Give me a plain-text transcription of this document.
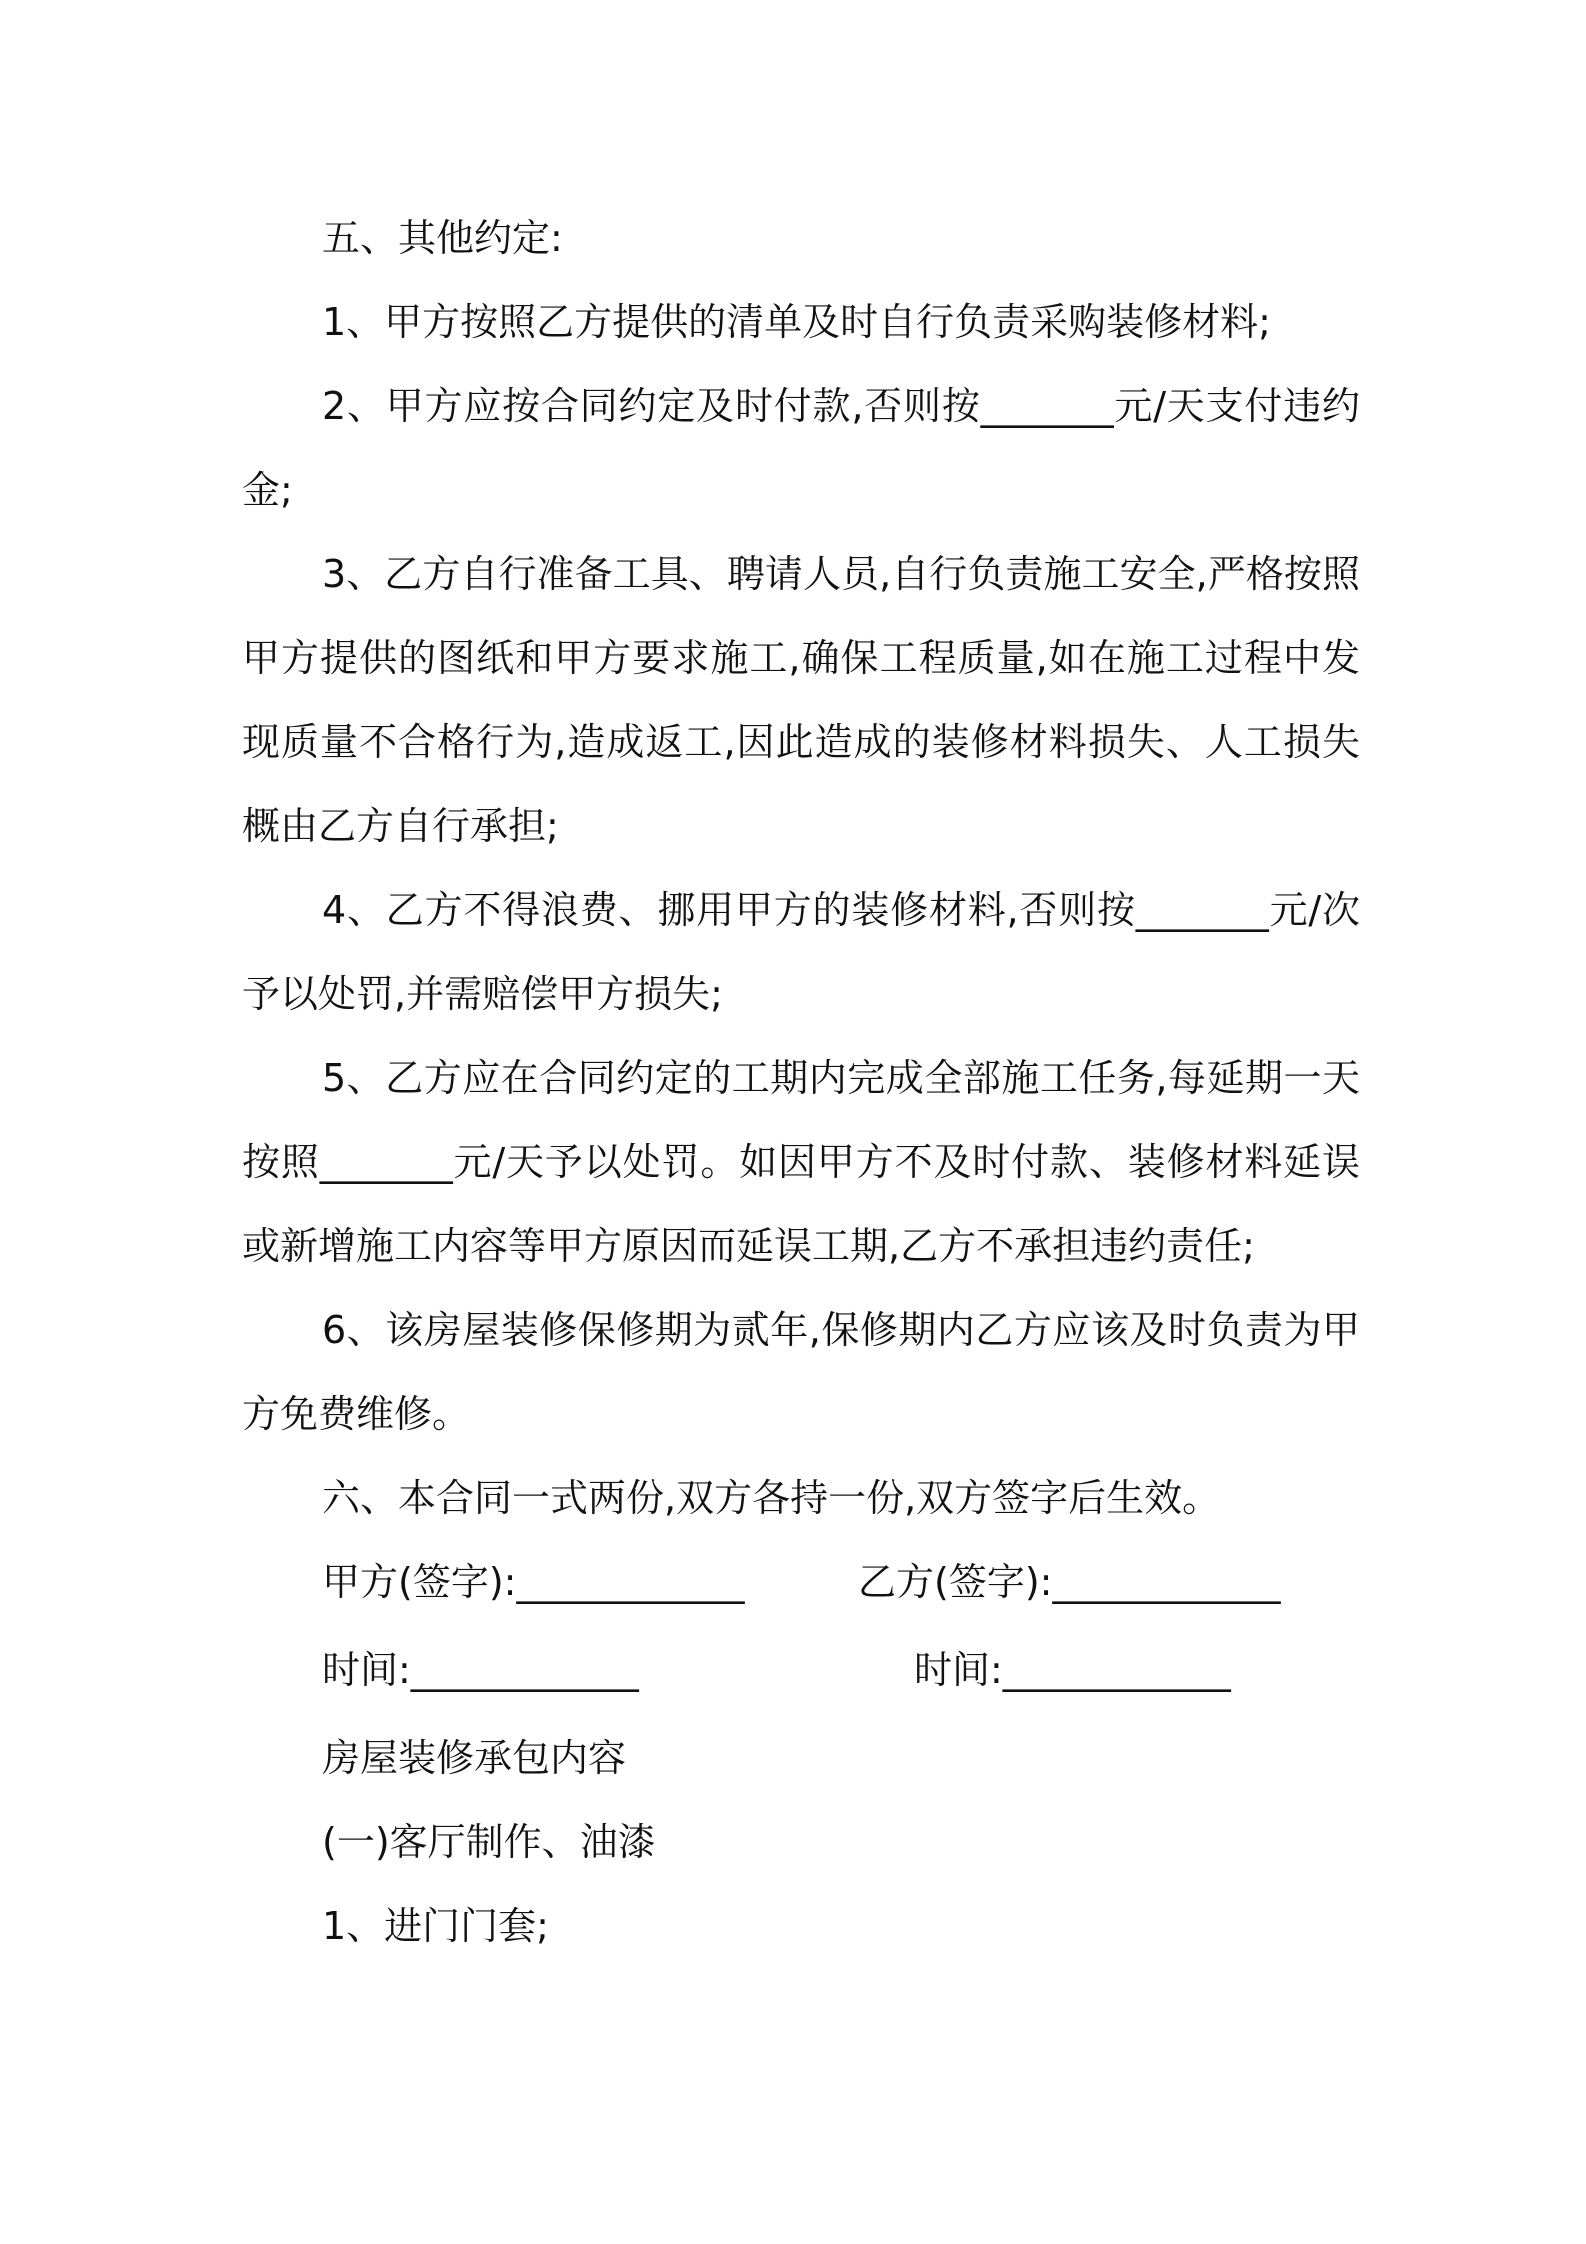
五、其他约定:

1、甲方按照乙方提供的清单及时自行负责采购装修材料;

2、甲方应按合同约定及时付款,否则按_______元/天支付违约金;

3、乙方自行准备工具、聘请人员,自行负责施工安全,严格按照甲方提供的图纸和甲方要求施工,确保工程质量,如在施工过程中发现质量不合格行为,造成返工,因此造成的装修材料损失、人工损失概由乙方自行承担;

4、乙方不得浪费、挪用甲方的装修材料,否则按_______元/次予以处罚,并需赔偿甲方损失;

5、乙方应在合同约定的工期内完成全部施工任务,每延期一天按照_______元/天予以处罚。如因甲方不及时付款、装修材料延误或新增施工内容等甲方原因而延误工期,乙方不承担违约责任;

6、该房屋装修保修期为贰年,保修期内乙方应该及时负责为甲方免费维修。

六、本合同一式两份,双方各持一份,双方签字后生效。

甲方(签字):____________	乙方(签字):____________
时间:____________	时间:____________

房屋装修承包内容

(一)客厅制作、油漆

1、进门门套;
